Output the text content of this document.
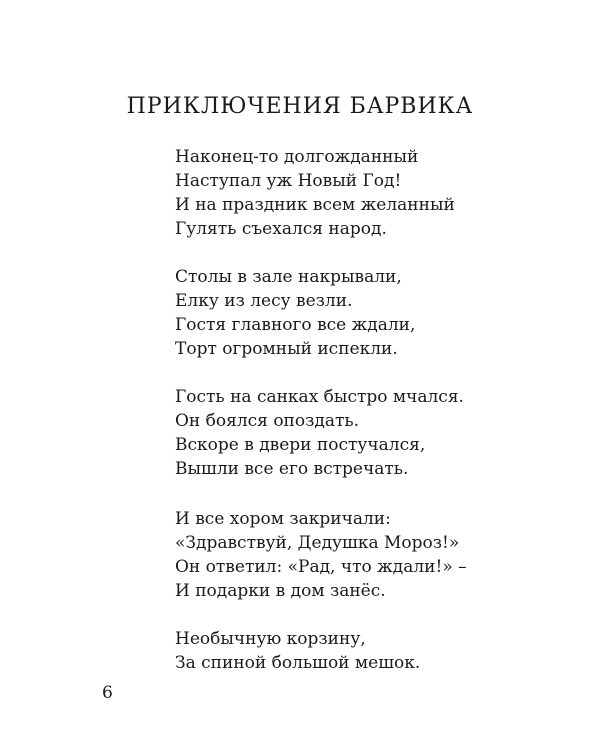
ПРИКЛЮЧЕНИЯ БАРВИКА
Наконец-то долгожданный
Наступал уж Новый Год!
И на праздник всем желанный
Гулять съехался народ.
Столы в зале накрывали,
Елку из лесу везли.
Гостя главного все ждали,
Торт огромный испекли.
Гость на санках быстро мчался.
Он боялся опоздать.
Вскоре в двери постучался,
Вышли все его встречать.
И все хором закричали:
«Здравствуй, Дедушка Мороз!»
Он ответил: «Рад, что ждали!» –
И подарки в дом занёс.
Необычную корзину,
За спиной большой мешок.
6
